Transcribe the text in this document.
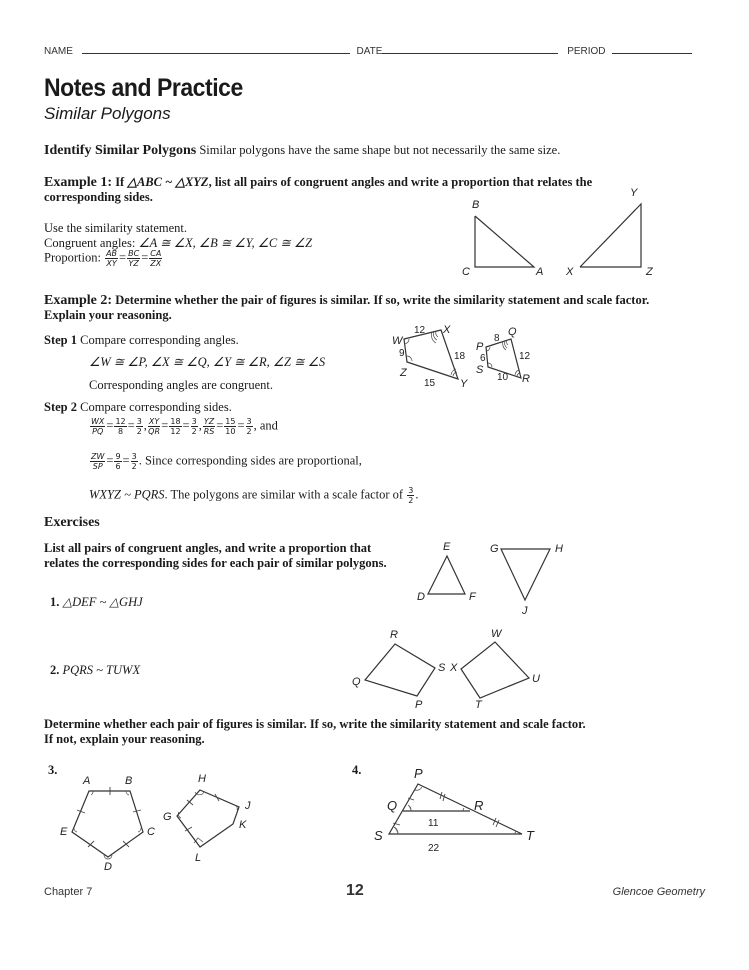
NAME	DATE	PERIOD
Notes and Practice
Similar Polygons
Identify Similar Polygons Similar polygons have the same shape but not necessarily the same size.
Example 1: If △ABC ~ △XYZ, list all pairs of congruent angles and write a proportion that relates the
corresponding sides.
Use the similarity statement.
Congruent angles: ∠A ≅ ∠X, ∠B ≅ ∠Y, ∠C ≅ ∠Z
Proportion: $\frac{AB}{XY} = \frac{BC}{YZ} = \frac{CA}{ZX}$
B
C	A X
Y
Z
Example 2: Determine whether the pair of figures is similar. If so, write the similarity statement and scale factor.
Explain your reasoning.
Step 1 Compare corresponding angles.
∠W ≅ ∠P, ∠X ≅ ∠Q, ∠Y ≅ ∠R, ∠Z ≅ ∠S
Corresponding angles are congruent.
W
X
Y
Z
12
18
15
9
P
Q
R
S
8
12
10
6
Step 2 Compare corresponding sides.
$\frac{WX}{PQ} = \frac{12}{8} = \frac{3}{2}$ , $\frac{XY}{QR} = \frac{18}{12} = \frac{3}{2}$ , $\frac{YZ}{RS} = \frac{15}{10} = \frac{3}{2}$ , and
$\frac{ZW}{SP} = \frac{9}{6} = \frac{3}{2}$ . Since corresponding sides are proportional,
WXYZ ~ PQRS. The polygons are similar with a scale factor of $\frac{3}{2}$ .
Exercises
List all pairs of congruent angles, and write a proportion that relates the corresponding sides for each pair of similar polygons.
1. △DEF ~ △GHJ
E
D	F
G	H
J
2. PQRS ~ TUWX
R
S
Q
P
W
X
U
T
Determine whether each pair of figures is similar. If so, write the similarity statement and scale factor.
If not, explain your reasoning.
3.
A	B
C
D
E
H
J
K
L
G
4.	P
Q	R
S	T
11
22
Chapter 7	12	Glencoe Geometry
